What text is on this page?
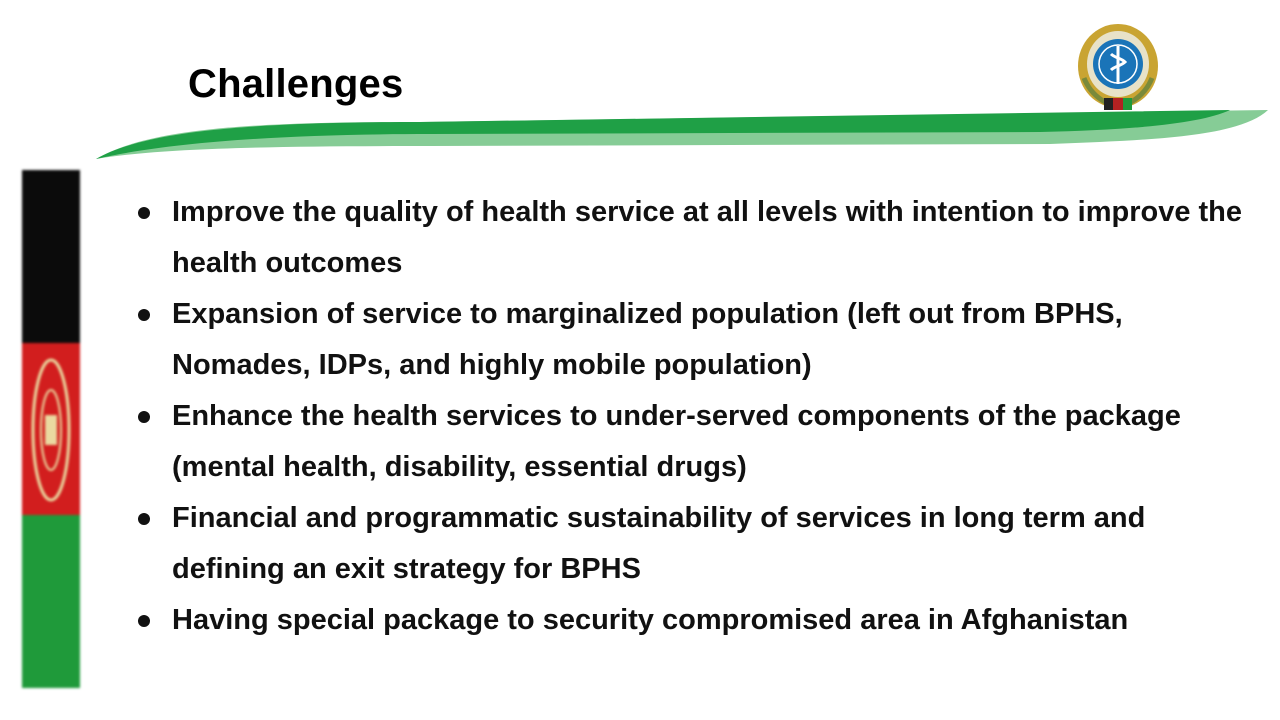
Challenges
Improve the quality of health service at all levels with intention to improve the health outcomes
Expansion of service to marginalized population (left out from BPHS, Nomades, IDPs, and highly mobile population)
Enhance the health services to under-served components of the package (mental health, disability, essential drugs)
Financial and programmatic sustainability of services in long term and defining an exit strategy for BPHS
Having special package to security compromised area in Afghanistan
